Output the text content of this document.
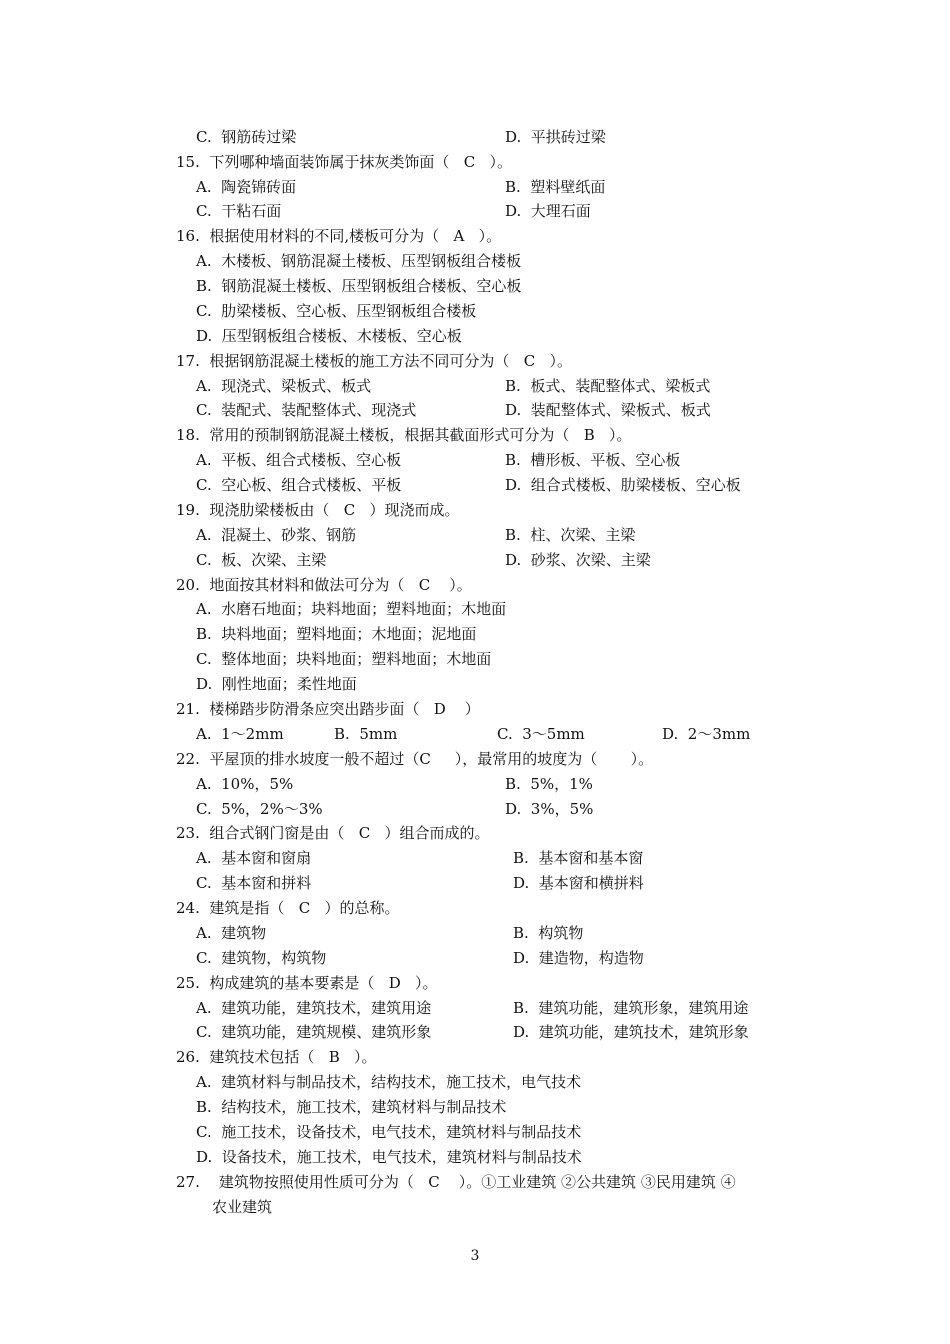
C.  钢筋砖过梁	D.  平拱砖过梁
15.  下列哪种墙面装饰属于抹灰类饰面（   C   ）。
A.  陶瓷锦砖面	B.  塑料壁纸面
C.  干粘石面	D.  大理石面
16.  根据使用材料的不同,楼板可分为（   A   ）。
A.  木楼板、钢筋混凝土楼板、压型钢板组合楼板
B.  钢筋混凝土楼板、压型钢板组合楼板、空心板
C.  肋梁楼板、空心板、压型钢板组合楼板
D.  压型钢板组合楼板、木楼板、空心板
17.  根据钢筋混凝土楼板的施工方法不同可分为（   C   ）。
A.  现浇式、梁板式、板式	B.  板式、装配整体式、梁板式
C.  装配式、装配整体式、现浇式	D.  装配整体式、梁板式、板式
18.  常用的预制钢筋混凝土楼板，根据其截面形式可分为（   B   ）。
A.  平板、组合式楼板、空心板	B.  槽形板、平板、空心板
C.  空心板、组合式楼板、平板	D.  组合式楼板、肋梁楼板、空心板
19.  现浇肋梁楼板由（   C   ）现浇而成。
A.  混凝土、砂浆、钢筋	B.  柱、次梁、主梁
C.  板、次梁、主梁	D.  砂浆、次梁、主梁
20.  地面按其材料和做法可分为（   C    ）。
A.  水磨石地面；块料地面；塑料地面；木地面
B.  块料地面；塑料地面；木地面；泥地面
C.  整体地面；块料地面；塑料地面；木地面
D.  刚性地面；柔性地面
21.  楼梯踏步防滑条应突出踏步面（   D    ）
A.  1～2mm	B.  5mm	C.  3～5mm	D.  2～3mm
22.  平屋顶的排水坡度一般不超过（C     ），最常用的坡度为（       ）。
A.  10%，5%	B.  5%，1%
C.  5%，2%～3%	D.  3%，5%
23.  组合式钢门窗是由（   C   ）组合而成的。
A.  基本窗和窗扇	B.  基本窗和基本窗
C.  基本窗和拼料	D.  基本窗和横拼料
24.  建筑是指（   C   ）的总称。
A.  建筑物	B.  构筑物
C.  建筑物，构筑物	D.  建造物，构造物
25.  构成建筑的基本要素是（   D   ）。
A.  建筑功能，建筑技术，建筑用途	B.  建筑功能，建筑形象，建筑用途
C.  建筑功能，建筑规模、建筑形象	D.  建筑功能，建筑技术，建筑形象
26.  建筑技术包括（   B   ）。
A.  建筑材料与制品技术，结构技术，施工技术，电气技术
B.  结构技术，施工技术，建筑材料与制品技术
C.  施工技术，设备技术，电气技术，建筑材料与制品技术
D.  设备技术，施工技术，电气技术，建筑材料与制品技术
27.    建筑物按照使用性质可分为（   C    ）。①工业建筑 ②公共建筑 ③民用建筑 ④
农业建筑
3
